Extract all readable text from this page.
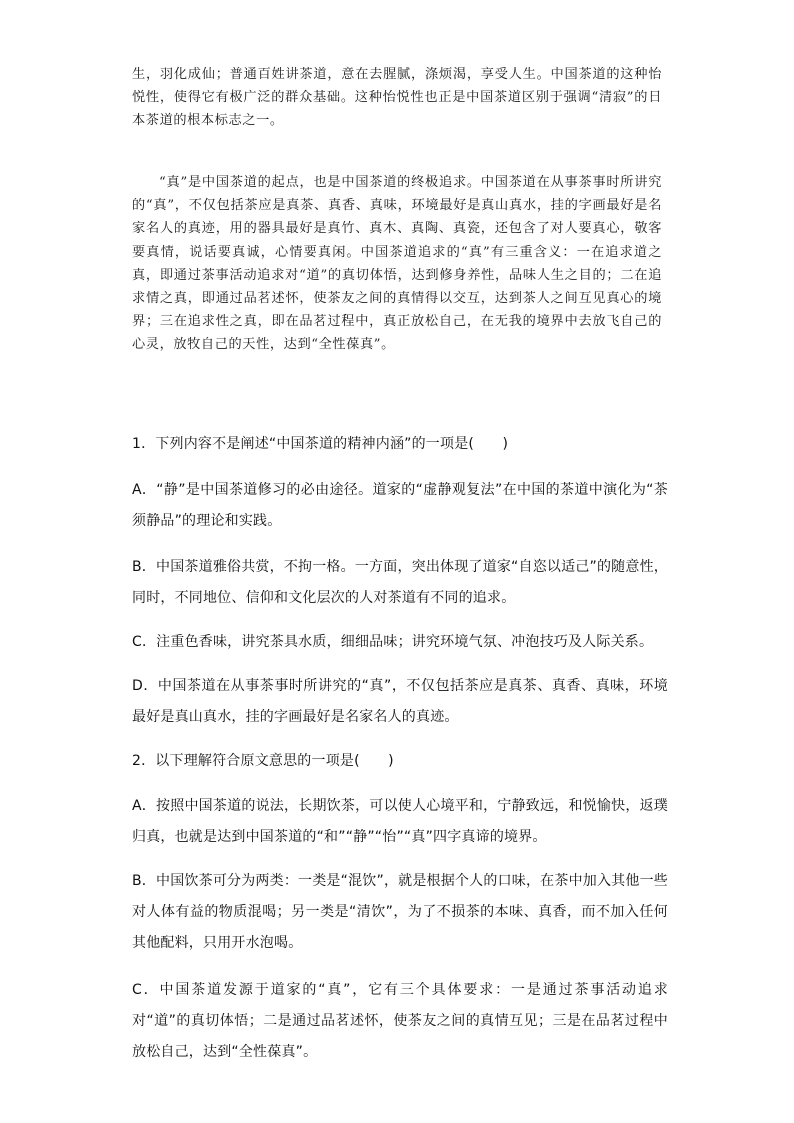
生，羽化成仙；普通百姓讲茶道，意在去腥腻，涤烦渴，享受人生。中国茶道的这种怡悦性，使得它有极广泛的群众基础。这种怡悦性也正是中国茶道区别于强调“清寂”的日本茶道的根本标志之一。

“真”是中国茶道的起点，也是中国茶道的终极追求。中国茶道在从事茶事时所讲究的“真”，不仅包括茶应是真茶、真香、真味，环境最好是真山真水，挂的字画最好是名家名人的真迹，用的器具最好是真竹、真木、真陶、真瓷，还包含了对人要真心，敬客要真情，说话要真诚，心情要真闲。中国茶道追求的“真”有三重含义：一在追求道之真，即通过茶事活动追求对“道”的真切体悟，达到修身养性，品味人生之目的；二在追求情之真，即通过品茗述怀，使茶友之间的真情得以交互，达到茶人之间互见真心的境界；三在追求性之真，即在品茗过程中，真正放松自己，在无我的境界中去放飞自己的心灵，放牧自己的天性，达到“全性葆真”。

1．下列内容不是阐述“中国茶道的精神内涵”的一项是(　　)

A．“静”是中国茶道修习的必由途径。道家的“虚静观复法”在中国的茶道中演化为“茶须静品”的理论和实践。

B．中国茶道雅俗共赏，不拘一格。一方面，突出体现了道家“自恣以适己”的随意性，同时，不同地位、信仰和文化层次的人对茶道有不同的追求。

C．注重色香味，讲究茶具水质，细细品味；讲究环境气氛、冲泡技巧及人际关系。

D．中国茶道在从事茶事时所讲究的“真”，不仅包括茶应是真茶、真香、真味，环境最好是真山真水，挂的字画最好是名家名人的真迹。

2．以下理解符合原文意思的一项是(　　)

A．按照中国茶道的说法，长期饮茶，可以使人心境平和，宁静致远，和悦愉快，返璞归真，也就是达到中国茶道的“和”“静”“怡”“真”四字真谛的境界。

B．中国饮茶可分为两类：一类是“混饮”，就是根据个人的口味，在茶中加入其他一些对人体有益的物质混喝；另一类是“清饮”，为了不损茶的本味、真香，而不加入任何其他配料，只用开水泡喝。

C．中国茶道发源于道家的“真”，它有三个具体要求：一是通过茶事活动追求对“道”的真切体悟；二是通过品茗述怀，使茶友之间的真情互见；三是在品茗过程中放松自己，达到“全性葆真”。
